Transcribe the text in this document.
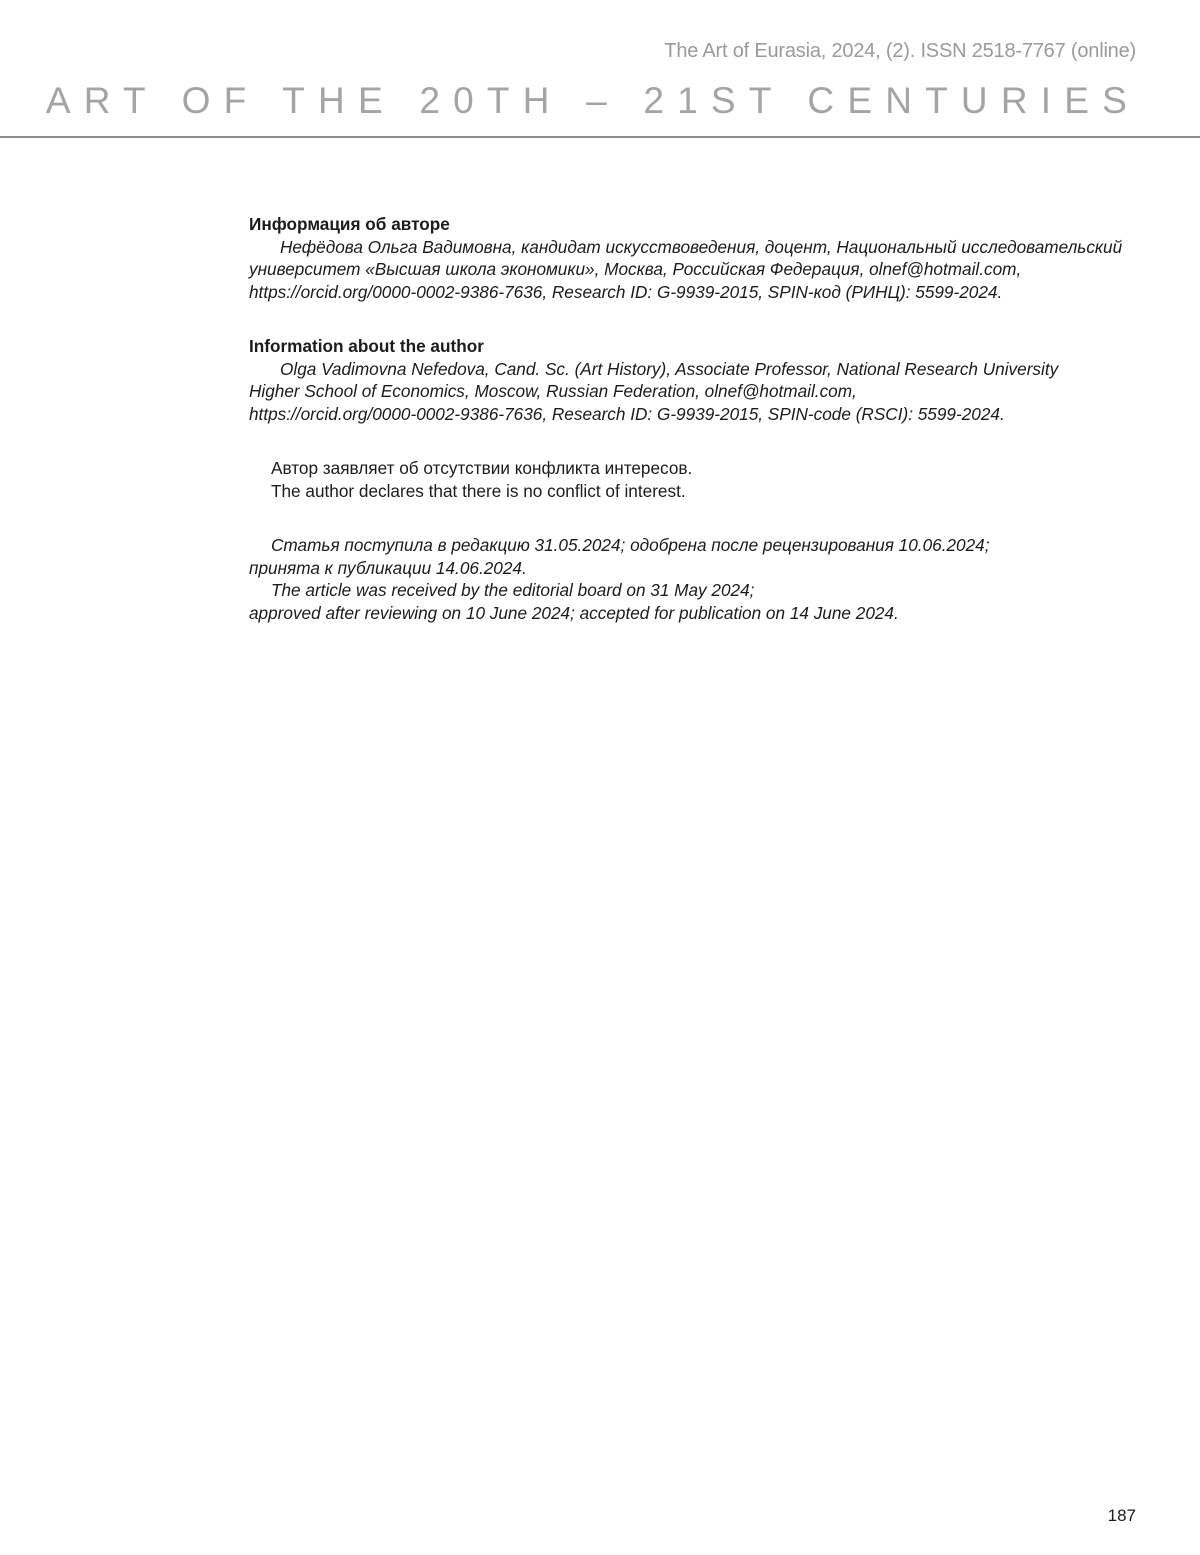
The Art of Eurasia, 2024, (2). ISSN 2518-7767 (online)
ART OF THE 20TH – 21ST CENTURIES
Информация об авторе
Нефёдова Ольга Вадимовна, кандидат искусствоведения, доцент, Национальный исследовательский
университет «Высшая школа экономики», Москва, Российская Федерация, olnef@hotmail.com,
https://orcid.org/0000-0002-9386-7636, Research ID: G-9939-2015, SPIN-код (РИНЦ): 5599-2024.
Information about the author
Olga Vadimovna Nefedova, Cand. Sc. (Art History), Associate Professor, National Research University
Higher School of Economics, Moscow, Russian Federation, olnef@hotmail.com,
https://orcid.org/0000-0002-9386-7636, Research ID: G-9939-2015, SPIN-code (RSCI): 5599-2024.
Автор заявляет об отсутствии конфликта интересов.
The author declares that there is no conflict of interest.
Статья поступила в редакцию 31.05.2024; одобрена после рецензирования 10.06.2024;
принята к публикации 14.06.2024.
The article was received by the editorial board on 31 May 2024;
approved after reviewing on 10 June 2024; accepted for publication on 14 June 2024.
187
